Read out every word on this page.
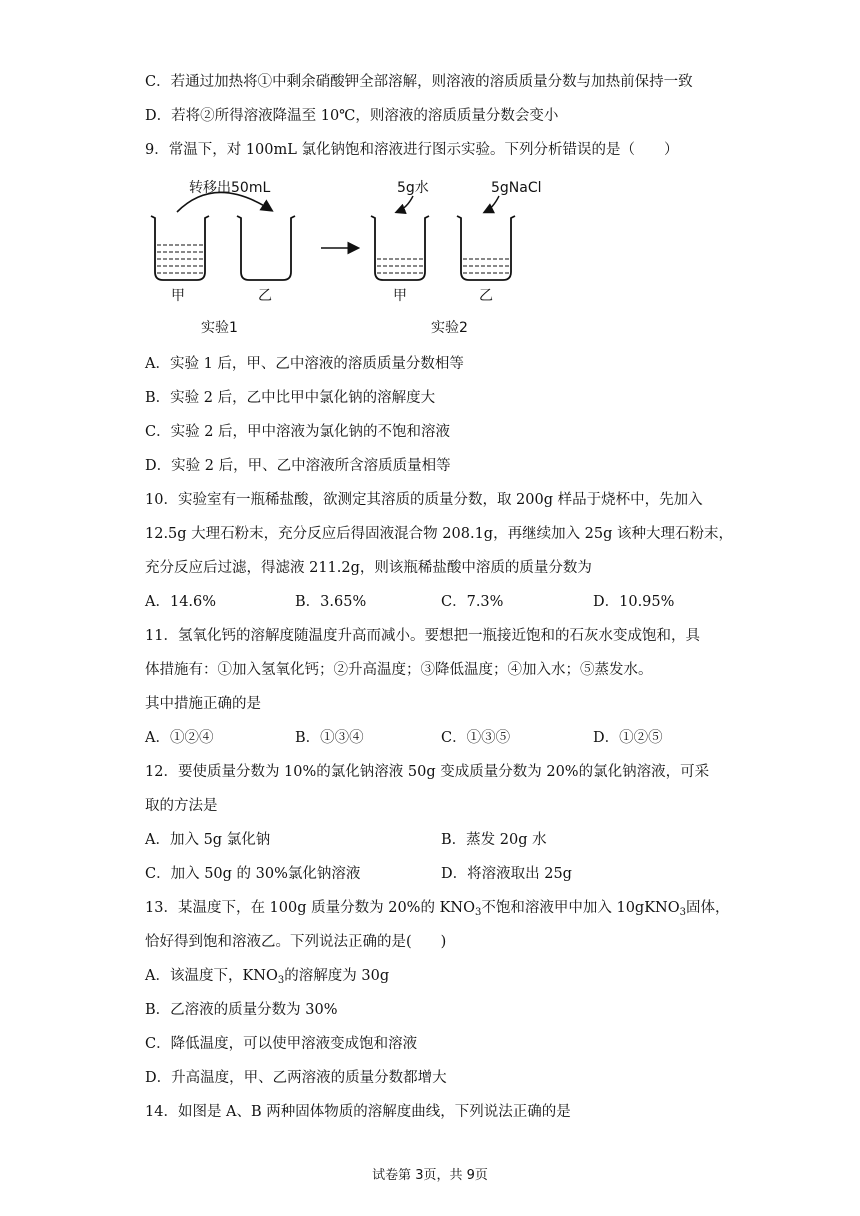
C．若通过加热将①中剩余硝酸钾全部溶解，则溶液的溶质质量分数与加热前保持一致
D．若将②所得溶液降温至 10℃，则溶液的溶质质量分数会变小
9．常温下，对 100mL 氯化钠饱和溶液进行图示实验。下列分析错误的是（　　）
转移出50mL
甲	乙
实验1
5g水	5gNaCl
甲	乙
实验2
A．实验 1 后，甲、乙中溶液的溶质质量分数相等
B．实验 2 后，乙中比甲中氯化钠的溶解度大
C．实验 2 后，甲中溶液为氯化钠的不饱和溶液
D．实验 2 后，甲、乙中溶液所含溶质质量相等
10．实验室有一瓶稀盐酸，欲测定其溶质的质量分数，取 200g 样品于烧杯中，先加入
12.5g 大理石粉末，充分反应后得固液混合物 208.1g，再继续加入 25g 该种大理石粉末，
充分反应后过滤，得滤液 211.2g，则该瓶稀盐酸中溶质的质量分数为
A．14.6%	B．3.65%	C．7.3%	D．10.95%
11．氢氧化钙的溶解度随温度升高而减小。要想把一瓶接近饱和的石灰水变成饱和，具
体措施有：①加入氢氧化钙；②升高温度；③降低温度；④加入水；⑤蒸发水。
其中措施正确的是
A．①②④	B．①③④	C．①③⑤	D．①②⑤
12．要使质量分数为 10%的氯化钠溶液 50g 变成质量分数为 20%的氯化钠溶液，可采
取的方法是
A．加入 5g 氯化钠	B．蒸发 20g 水
C．加入 50g 的 30%氯化钠溶液	D．将溶液取出 25g
13．某温度下，在 100g 质量分数为 20%的 $KNO_3$不饱和溶液甲中加入 10gKNO$_3$固体，
恰好得到饱和溶液乙。下列说法正确的是(　　)
A．该温度下，$KNO_3$的溶解度为 30g
B．乙溶液的质量分数为 30%
C．降低温度，可以使甲溶液变成饱和溶液
D．升高温度，甲、乙两溶液的质量分数都增大
14．如图是 A、B 两种固体物质的溶解度曲线，下列说法正确的是
试卷第 3页，共 9页
